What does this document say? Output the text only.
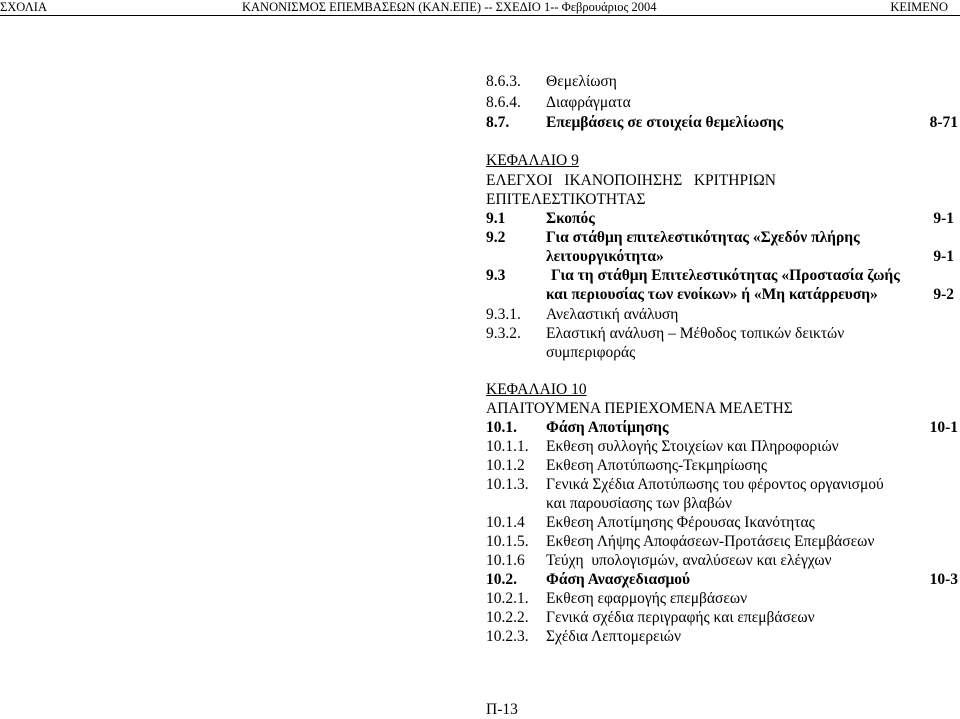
ΣΧΟΛΙΑ	ΚΑΝΟΝΙΣΜΟΣ ΕΠΕΜΒΑΣΕΩΝ (ΚΑΝ.ΕΠΕ) -- ΣΧΕΔΙΟ 1-- Φεβρουάριος 2004	ΚΕΙΜΕΝΟ
8.6.3. Θεμελίωση
8.6.4. Διαφράγματα
8.7. Επεμβάσεις σε στοιχεία θεμελίωσης	8-71
ΚΕΦΑΛΑΙΟ 9
ΕΛΕΓΧΟΙ   ΙΚΑΝΟΠΟΙΗΣΗΣ   ΚΡΙΤΗΡΙΩΝ
ΕΠΙΤΕΛΕΣΤΙΚΟΤΗΤΑΣ
9.1	Σκοπός	9-1
9.2	Για στάθμη επιτελεστικότητας «Σχεδόν πλήρης
λειτουργικότητα»	9-1
9.3	Για τη στάθμη Επιτελεστικότητας «Προστασία ζωής
και περιουσίας των ενοίκων» ή «Μη κατάρρευση»	9-2
9.3.1. Ανελαστική ανάλυση
9.3.2. Ελαστική ανάλυση – Μέθοδος τοπικών δεικτών
συμπεριφοράς
ΚΕΦΑΛΑΙΟ 10
ΑΠΑΙΤΟΥΜΕΝΑ ΠΕΡΙΕΧΟΜΕΝΑ ΜΕΛΕΤΗΣ
10.1. Φάση Αποτίμησης	10-1
10.1.1. Εκθεση συλλογής Στοιχείων και Πληροφοριών
10.1.2 Εκθεση Αποτύπωσης-Τεκμηρίωσης
10.1.3. Γενικά Σχέδια Αποτύπωσης του φέροντος οργανισμού
και παρουσίασης των βλαβών
10.1.4 Εκθεση Αποτίμησης Φέρουσας Ικανότητας
10.1.5. Εκθεση Λήψης Αποφάσεων-Προτάσεις Επεμβάσεων
10.1.6 Τεύχη  υπολογισμών, αναλύσεων και ελέγχων
10.2. Φάση Ανασχεδιασμού	10-3
10.2.1. Εκθεση εφαρμογής επεμβάσεων
10.2.2. Γενικά σχέδια περιγραφής και επεμβάσεων
10.2.3. Σχέδια Λεπτομερειών
Π-13
